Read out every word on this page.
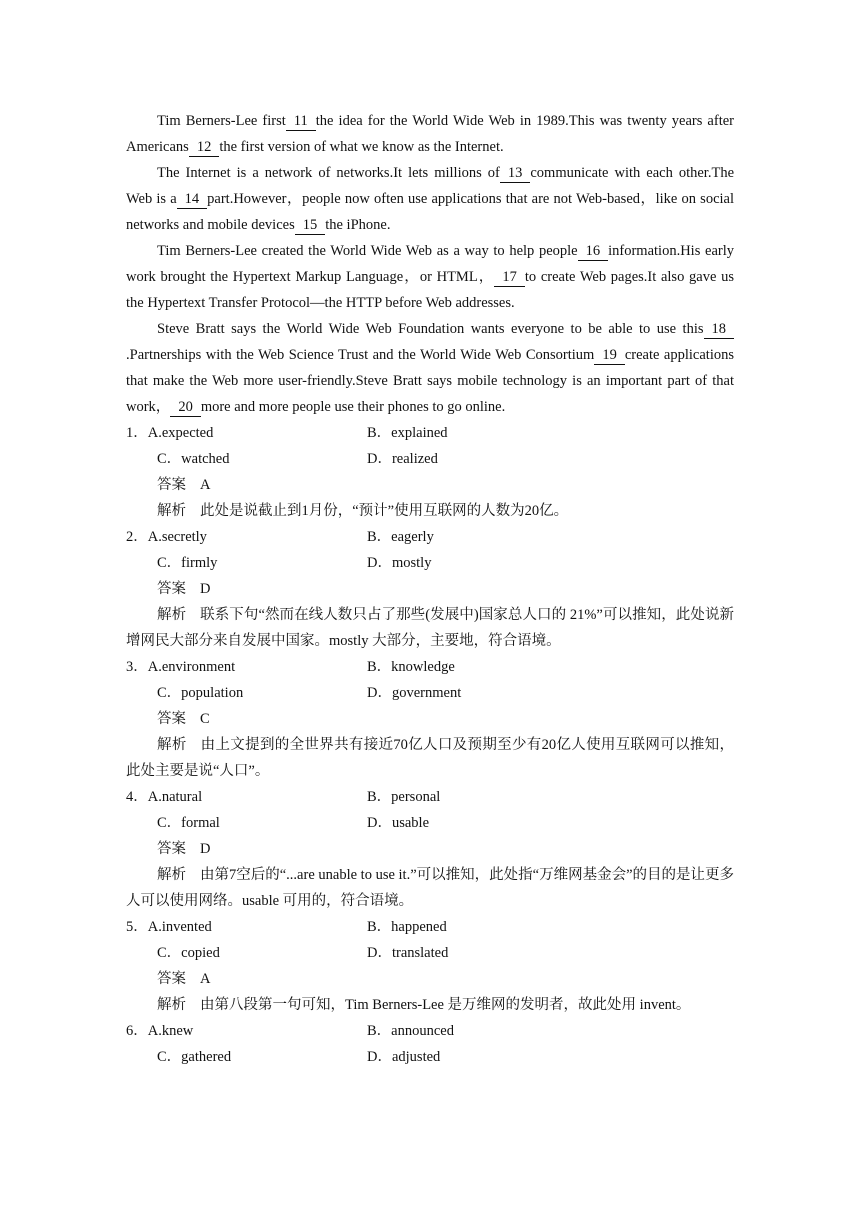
Tim Berners-Lee first 11 the idea for the World Wide Web in 1989.This was twenty years after Americans 12 the first version of what we know as the Internet.

The Internet is a network of networks.It lets millions of 13 communicate with each other.The Web is a 14 part.However，people now often use applications that are not Web-based，like on social networks and mobile devices 15 the iPhone.

Tim Berners-Lee created the World Wide Web as a way to help people 16 information.His early work brought the Hypertext Markup Language，or HTML， 17 to create Web pages.It also gave us the Hypertext Transfer Protocol—the HTTP before Web addresses.

Steve Bratt says the World Wide Web Foundation wants everyone to be able to use this 18.Partnerships with the Web Science Trust and the World Wide Web Consortium 19 create applications that make the Web more user-friendly.Steve Bratt says mobile technology is an important part of that work， 20 more and more people use their phones to go online.

1．A.expected	B．explained
C．watched	D．realized

答案 A

解析 此处是说截止到1月份，“预计”使用互联网的人数为20亿。

2．A.secretly	B．eagerly
C．firmly	D．mostly

答案 D

解析 联系下句“然而在线人数只占了那些(发展中)国家总人口的 21%”可以推知，此处说新增网民大部分来自发展中国家。mostly 大部分，主要地，符合语境。

3．A.environment	B．knowledge
C．population	D．government

答案 C

解析 由上文提到的全世界共有接近70亿人口及预期至少有20亿人使用互联网可以推知，此处主要是说“人口”。

4．A.natural	B．personal
C．formal	D．usable

答案 D

解析 由第7空后的“...are unable to use it.”可以推知，此处指“万维网基金会”的目的是让更多人可以使用网络。usable 可用的，符合语境。

5．A.invented	B．happened
C．copied	D．translated

答案 A

解析 由第八段第一句可知，Tim Berners-Lee 是万维网的发明者，故此处用 invent。

6．A.knew	B．announced
C．gathered	D．adjusted
